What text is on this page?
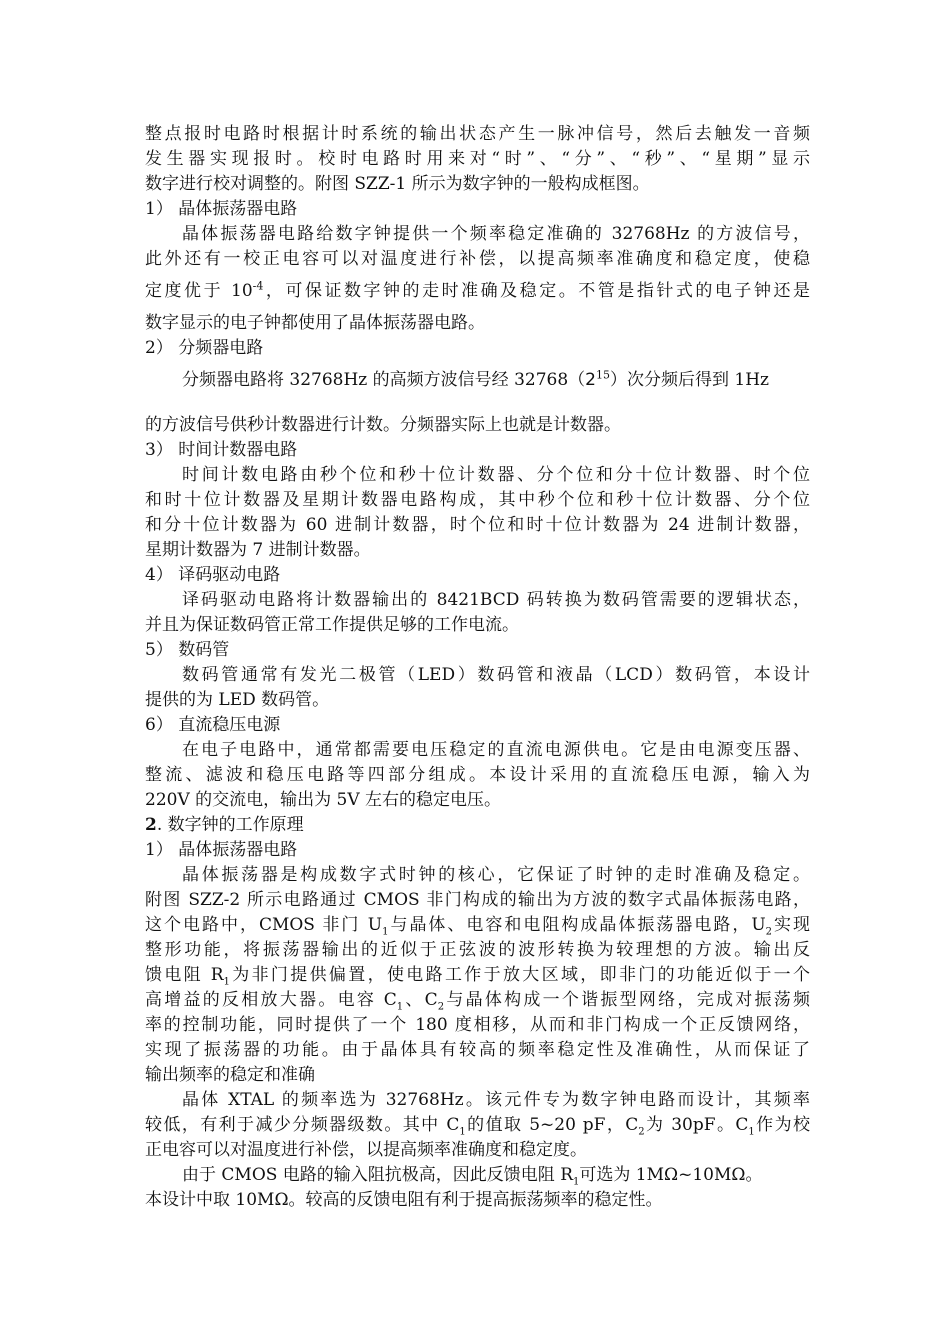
整点报时电路时根据计时系统的输出状态产生一脉冲信号，然后去触发一音频
发生器实现报时。校时电路时用来对“时”、“分”、“秒”、“星期”显示
数字进行校对调整的。附图 SZZ-1 所示为数字钟的一般构成框图。
1） 晶体振荡器电路
晶体振荡器电路给数字钟提供一个频率稳定准确的 32768Hz 的方波信号，
此外还有一校正电容可以对温度进行补偿，以提高频率准确度和稳定度，使稳
定度优于 $10^{-4}$，可保证数字钟的走时准确及稳定。不管是指针式的电子钟还是
数字显示的电子钟都使用了晶体振荡器电路。
2） 分频器电路
分频器电路将 32768Hz 的高频方波信号经 $32768(2^{15})$次分频后得到 1Hz
的方波信号供秒计数器进行计数。分频器实际上也就是计数器。
3） 时间计数器电路
时间计数电路由秒个位和秒十位计数器、分个位和分十位计数器、时个位
和时十位计数器及星期计数器电路构成，其中秒个位和秒十位计数器、分个位
和分十位计数器为 60 进制计数器，时个位和时十位计数器为 24 进制计数器，
星期计数器为 7 进制计数器。
4） 译码驱动电路
译码驱动电路将计数器输出的 8421BCD 码转换为数码管需要的逻辑状态，
并且为保证数码管正常工作提供足够的工作电流。
5） 数码管
数码管通常有发光二极管（LED）数码管和液晶（LCD）数码管，本设计
提供的为 LED 数码管。
6） 直流稳压电源
在电子电路中，通常都需要电压稳定的直流电源供电。它是由电源变压器、
整流、滤波和稳压电路等四部分组成。本设计采用的直流稳压电源，输入为
220V 的交流电，输出为 5V 左右的稳定电压。
2. 数字钟的工作原理
1） 晶体振荡器电路
晶体振荡器是构成数字式时钟的核心，它保证了时钟的走时准确及稳定。
附图 SZZ-2 所示电路通过 CMOS 非门构成的输出为方波的数字式晶体振荡电路，
这个电路中，CMOS 非门 $U_1$与晶体、电容和电阻构成晶体振荡器电路，$U_2$实现
整形功能，将振荡器输出的近似于正弦波的波形转换为较理想的方波。输出反
馈电阻 $R_1$为非门提供偏置，使电路工作于放大区域，即非门的功能近似于一个
高增益的反相放大器。电容 $C_1$、$C_2$与晶体构成一个谐振型网络，完成对振荡频
率的控制功能，同时提供了一个 180 度相移，从而和非门构成一个正反馈网络，
实现了振荡器的功能。由于晶体具有较高的频率稳定性及准确性，从而保证了
输出频率的稳定和准确
晶体 XTAL 的频率选为 32768Hz。该元件专为数字钟电路而设计，其频率
较低，有利于减少分频器级数。其中 $C_1$的值取 5~20 pF，$C_2$为 30pF。$C_1$作为校
正电容可以对温度进行补偿，以提高频率准确度和稳定度。
由于 CMOS 电路的输入阻抗极高，因此反馈电阻 $R_1$可选为 1MΩ~10MΩ。
本设计中取 10MΩ。较高的反馈电阻有利于提高振荡频率的稳定性。
